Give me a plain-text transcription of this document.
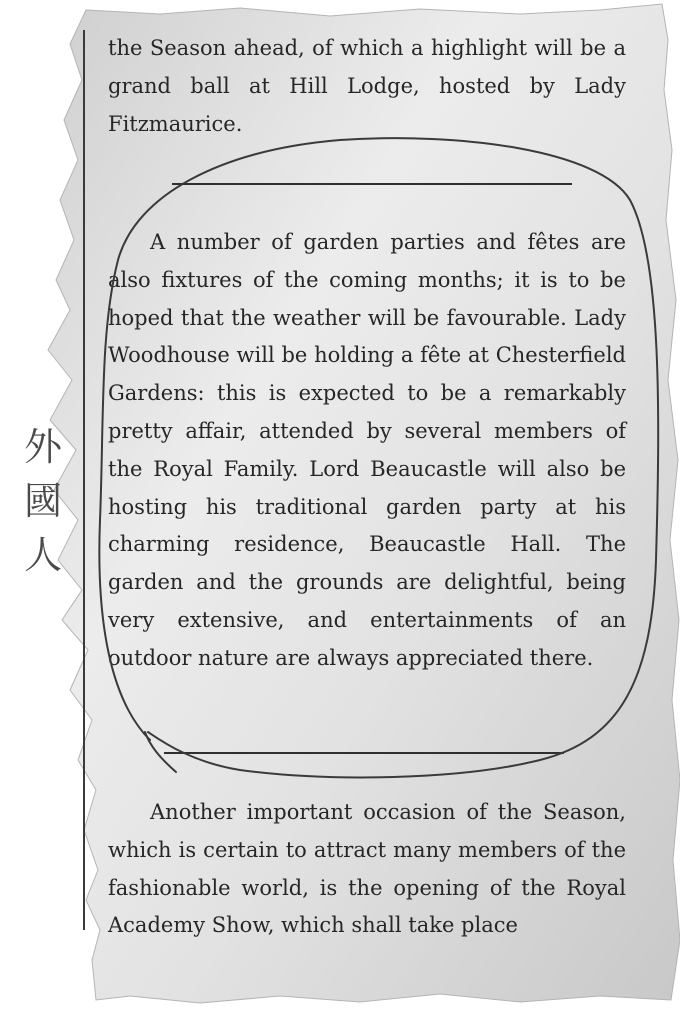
the Season ahead, of which a highlight will be a grand ball at Hill Lodge, hosted by Lady Fitzmaurice.

A number of garden parties and fêtes are also fixtures of the coming months; it is to be hoped that the weather will be favourable. Lady Woodhouse will be holding a fête at Chesterfield Gardens: this is expected to be a remarkably pretty affair, attended by several members of the Royal Family. Lord Beaucastle will also be hosting his traditional garden party at his charming residence, Beaucastle Hall. The garden and the grounds are delightful, being very extensive, and entertainments of an outdoor nature are always appreciated there.

Another important occasion of the Season, which is certain to attract many members of the fashionable world, is the opening of the Royal Academy Show, which shall take place

外
國
人
